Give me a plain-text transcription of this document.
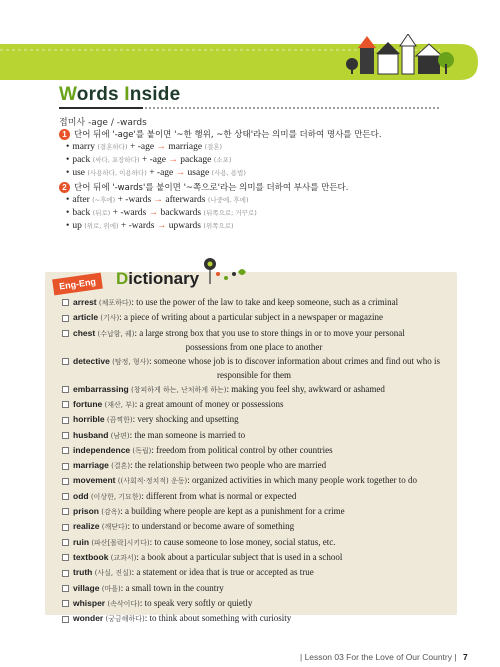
Words Inside
접미사 -age / -wards
1 단어 뒤에 '-age'를 붙이면 '~한 행위, ~한 상태'라는 의미를 더하여 명사를 만든다.
• marry (결혼하다) + -age → marriage (결혼)
• pack (싸다, 포장하다) + -age → package (소포)
• use (사용하다, 이용하다) + -age → usage (사용, 용법)
2 단어 뒤에 '-wards'를 붙이면 '~쪽으로'라는 의미를 더하여 부사를 만든다.
• after (~후에) + -wards → afterwards (나중에, 후에)
• back (뒤로) + -wards → backwards (뒤쪽으로; 거꾸로)
• up (위로, 위에) + -wards → upwards (위쪽으로)
Eng-Eng	Dictionary
arrest (체포하다): to use the power of the law to take and keep someone, such as a criminal
article (기사): a piece of writing about a particular subject in a newspaper or magazine
chest (수납함, 궤): a large strong box that you use to store things in or to move your personal
possessions from one place to another
detective (탐정, 형사): someone whose job is to discover information about crimes and find out who is
responsible for them
embarrassing (창피하게 하는, 난처하게 하는): making you feel shy, awkward or ashamed
fortune (재산, 부): a great amount of money or possessions
horrible (끔찍한): very shocking and upsetting
husband (남편): the man someone is married to
independence (독립): freedom from political control by other countries
marriage (결혼): the relationship between two people who are married
movement ((사회적·정치적) 운동): organized activities in which many people work together to do
odd (이상한, 기묘한): different from what is normal or expected
prison (감옥): a building where people are kept as a punishment for a crime
realize (깨닫다): to understand or become aware of something
ruin (파산[몰락]시키다): to cause someone to lose money, social status, etc.
textbook (교과서): a book about a particular subject that is used in a school
truth (사실, 진실): a statement or idea that is true or accepted as true
village (마을): a small town in the country
whisper (속삭이다): to speak very softly or quietly
wonder (궁금해하다): to think about something with curiosity
| Lesson 03 For the Love of Our Country | 7
